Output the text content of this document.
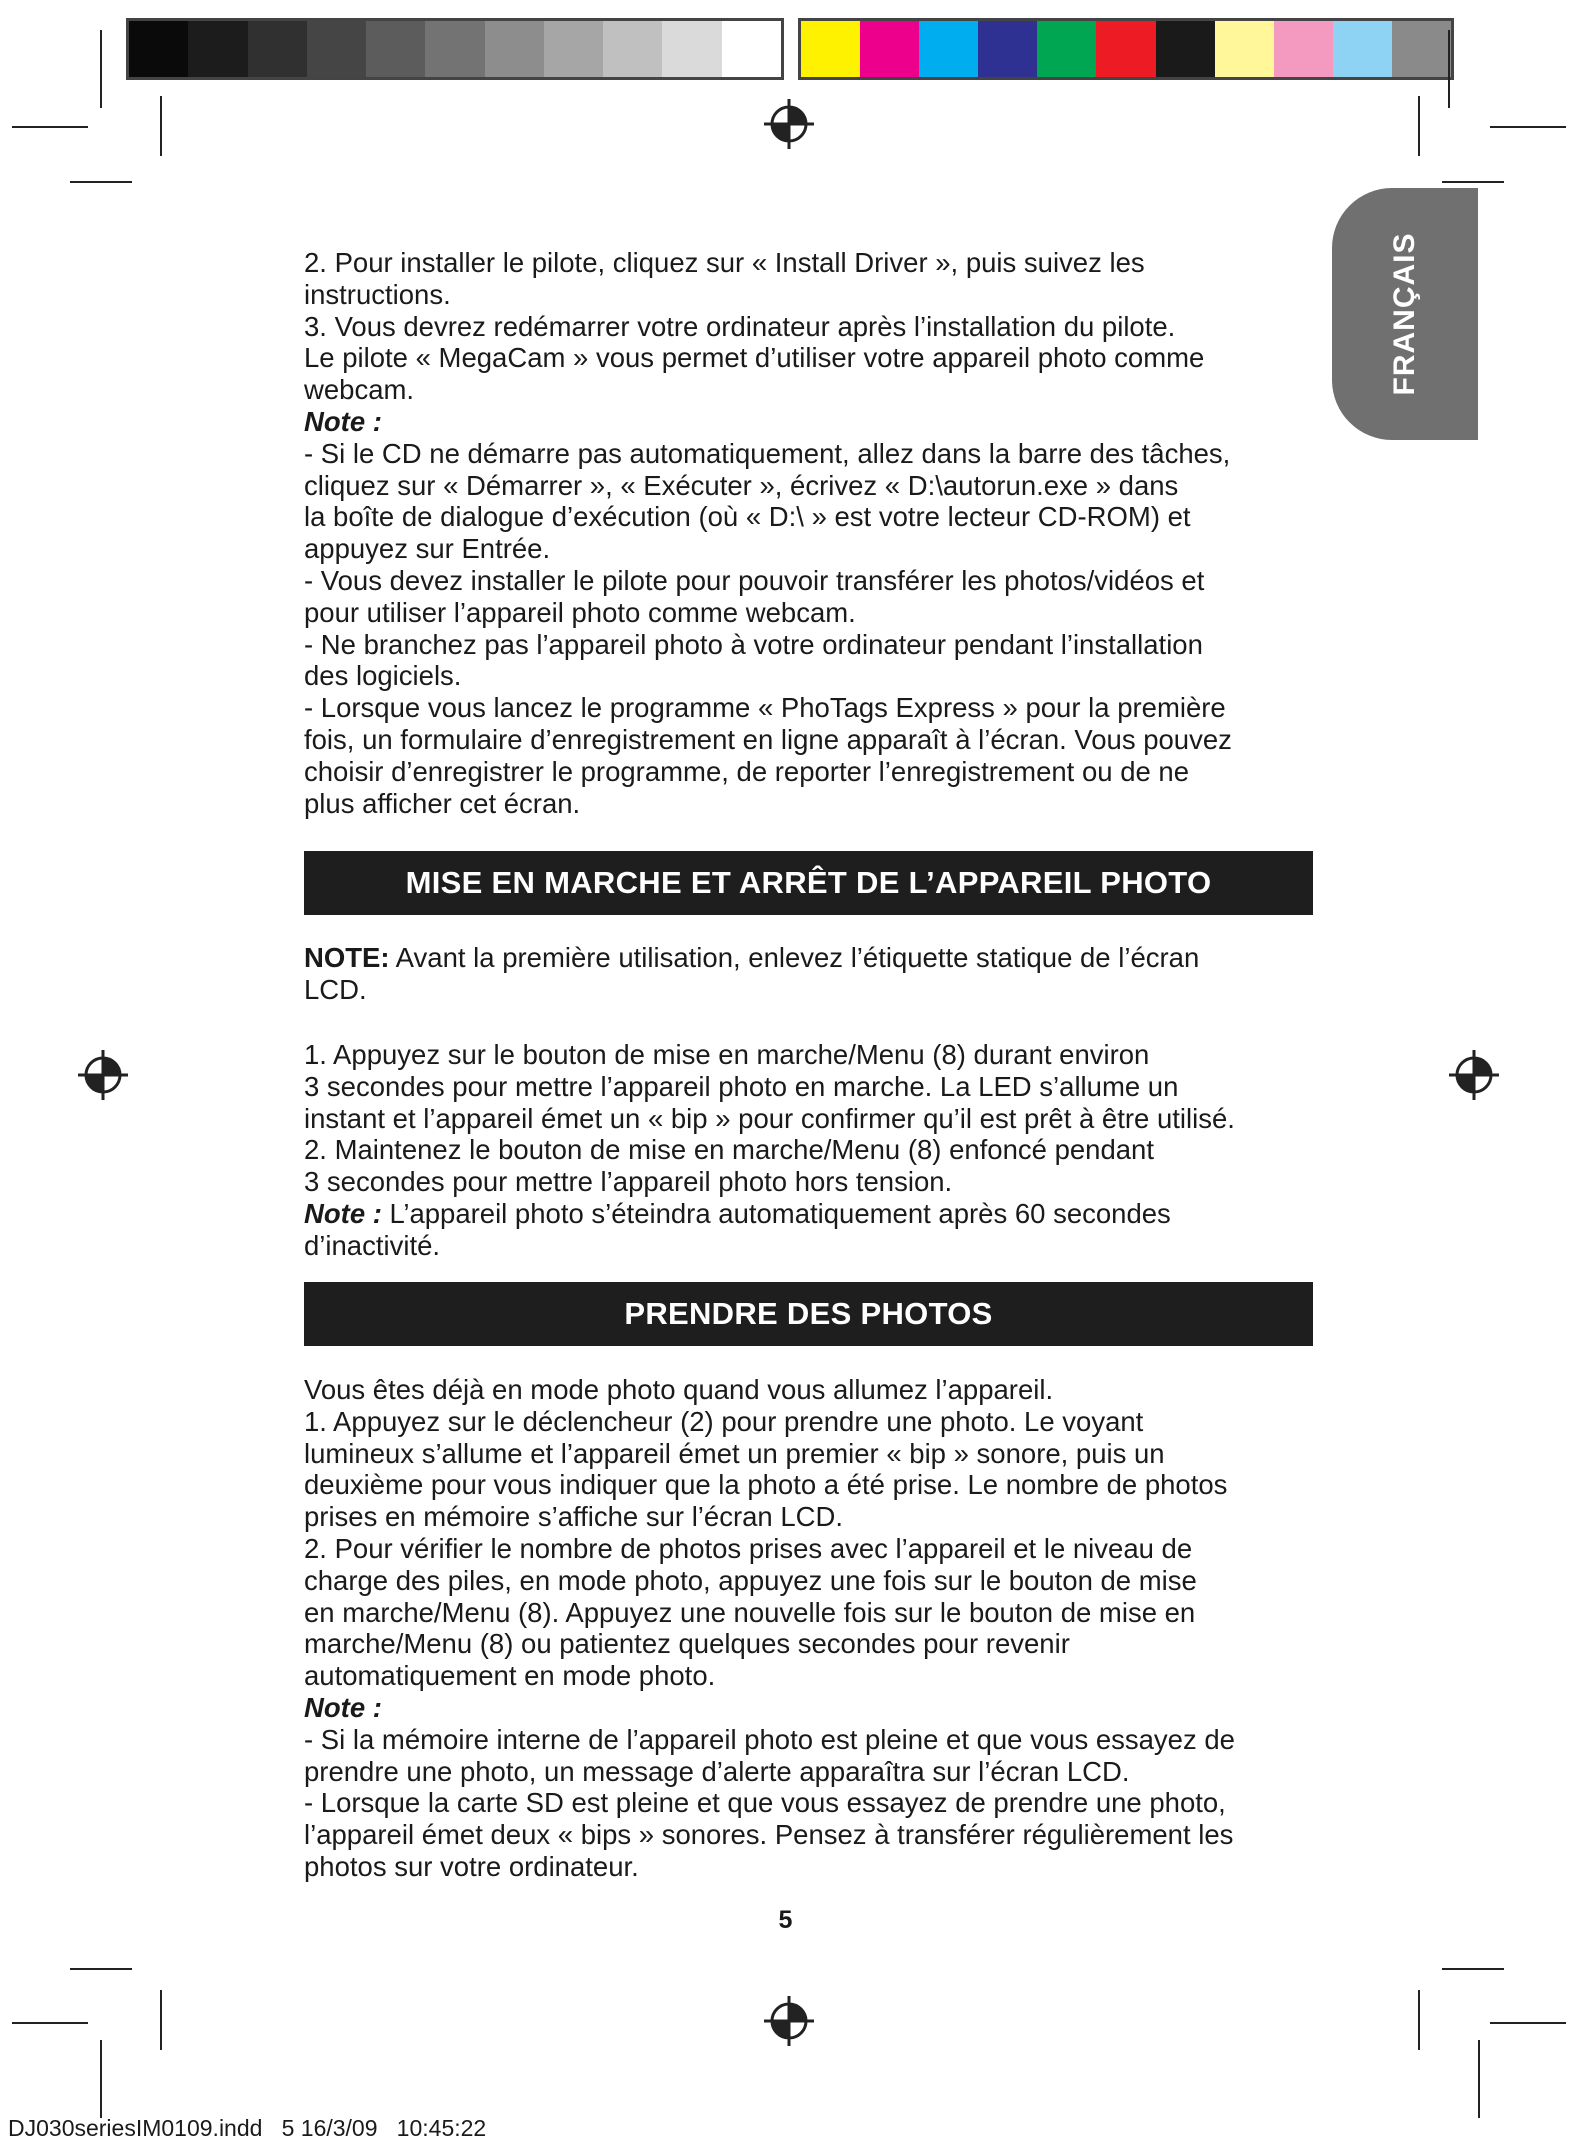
FRANÇAIS

2. Pour installer le pilote, cliquez sur « Install Driver », puis suivez les

instructions.

3. Vous devrez redémarrer votre ordinateur après l’installation du pilote.

Le pilote « MegaCam » vous permet d’utiliser votre appareil photo comme

webcam.

Note :

- Si le CD ne démarre pas automatiquement, allez dans la barre des tâches,

cliquez sur « Démarrer », « Exécuter », écrivez « D:\autorun.exe » dans

la boîte de dialogue d’exécution (où « D:\ » est votre lecteur CD-ROM) et

appuyez sur Entrée.

- Vous devez installer le pilote pour pouvoir transférer les photos/vidéos et

pour utiliser l’appareil photo comme webcam.

- Ne branchez pas l’appareil photo à votre ordinateur pendant l’installation

des logiciels.

- Lorsque vous lancez le programme « PhoTags Express » pour la première

fois, un formulaire d’enregistrement en ligne apparaît à l’écran. Vous pouvez

choisir d’enregistrer le programme, de reporter l’enregistrement ou de ne

plus afficher cet écran.

MISE EN MARCHE ET ARRÊT DE L’APPAREIL PHOTO

NOTE: Avant la première utilisation, enlevez l’étiquette statique de l’écran

LCD.

1. Appuyez sur le bouton de mise en marche/Menu (8) durant environ

3 secondes pour mettre l’appareil photo en marche. La LED s’allume un

instant et l’appareil émet un « bip » pour confirmer qu’il est prêt à être utilisé.

2. Maintenez le bouton de mise en marche/Menu (8) enfoncé pendant

3 secondes pour mettre l’appareil photo hors tension.

Note : L’appareil photo s’éteindra automatiquement après 60 secondes

d’inactivité.

PRENDRE DES PHOTOS

Vous êtes déjà en mode photo quand vous allumez l’appareil.

1. Appuyez sur le déclencheur (2) pour prendre une photo. Le voyant

lumineux s’allume et l’appareil émet un premier « bip » sonore, puis un

deuxième pour vous indiquer que la photo a été prise. Le nombre de photos

prises en mémoire s’affiche sur l’écran LCD.

2. Pour vérifier le nombre de photos prises avec l’appareil et le niveau de

charge des piles, en mode photo, appuyez une fois sur le bouton de mise

en marche/Menu (8). Appuyez une nouvelle fois sur le bouton de mise en

marche/Menu (8) ou patientez quelques secondes pour revenir

automatiquement en mode photo.

Note :

- Si la mémoire interne de l’appareil photo est pleine et que vous essayez de

prendre une photo, un message d’alerte apparaîtra sur l’écran LCD.

- Lorsque la carte SD est pleine et que vous essayez de prendre une photo,

l’appareil émet deux « bips » sonores. Pensez à transférer régulièrement les

photos sur votre ordinateur.

5
DJ030seriesIM0109.indd   5 16/3/09   10:45:22
